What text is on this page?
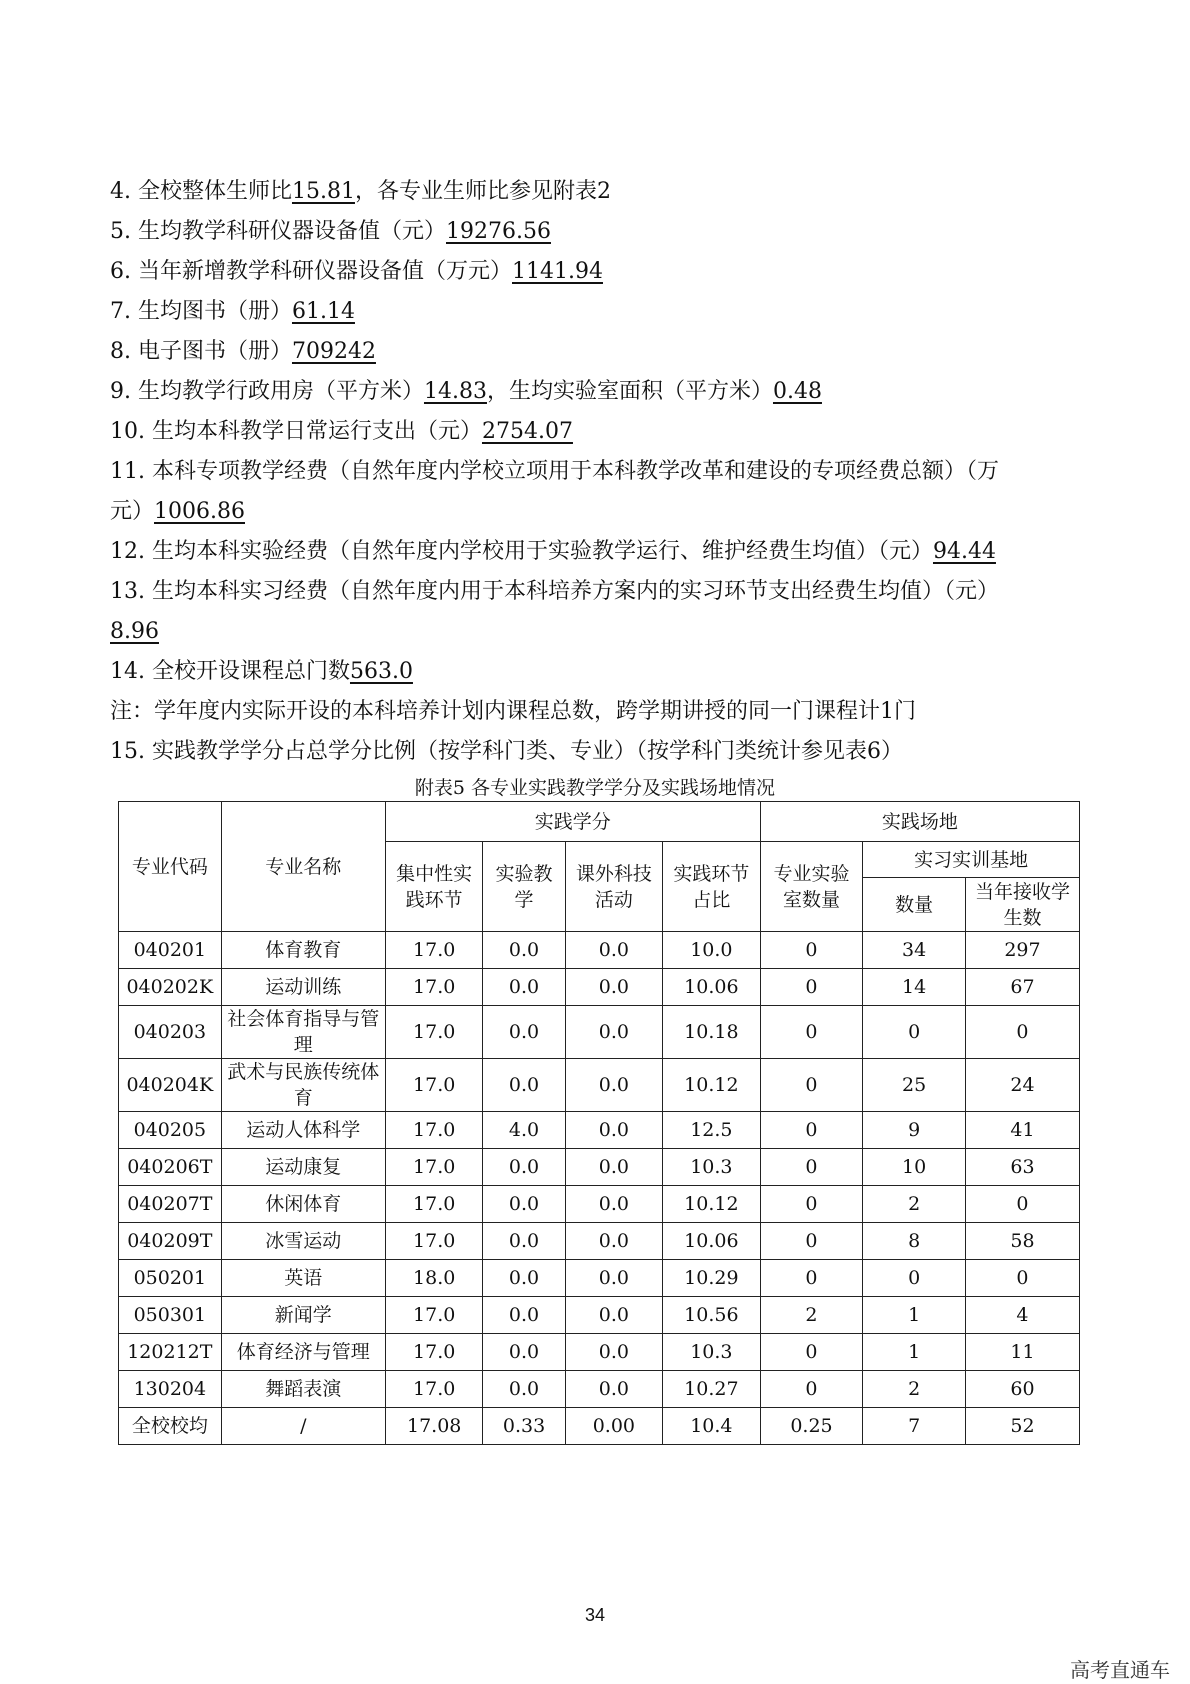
4. 全校整体生师比15.81，各专业生师比参见附表2
5. 生均教学科研仪器设备值（元）19276.56
6. 当年新增教学科研仪器设备值（万元）1141.94
7. 生均图书（册）61.14
8. 电子图书（册）709242
9. 生均教学行政用房（平方米）14.83，生均实验室面积（平方米）0.48
10. 生均本科教学日常运行支出（元）2754.07
11. 本科专项教学经费（自然年度内学校立项用于本科教学改革和建设的专项经费总额）（万
元）1006.86
12. 生均本科实验经费（自然年度内学校用于实验教学运行、维护经费生均值）（元）94.44
13. 生均本科实习经费（自然年度内用于本科培养方案内的实习环节支出经费生均值）（元）
8.96
14. 全校开设课程总门数563.0
注：学年度内实际开设的本科培养计划内课程总数，跨学期讲授的同一门课程计1门
15. 实践教学学分占总学分比例（按学科门类、专业）（按学科门类统计参见表6）
附表5 各专业实践教学学分及实践场地情况
专业代码	专业名称	实践学分				实践场地		
		集中性实践环节	实验教学	课外科技活动	实践环节占比	专业实验室数量	实习实训基地	
							数量	当年接收学生数
040201	体育教育	17.0	0.0	0.0	10.0	0	34	297
040202K	运动训练	17.0	0.0	0.0	10.06	0	14	67
040203	社会体育指导与管理	17.0	0.0	0.0	10.18	0	0	0
040204K	武术与民族传统体育	17.0	0.0	0.0	10.12	0	25	24
040205	运动人体科学	17.0	4.0	0.0	12.5	0	9	41
040206T	运动康复	17.0	0.0	0.0	10.3	0	10	63
040207T	休闲体育	17.0	0.0	0.0	10.12	0	2	0
040209T	冰雪运动	17.0	0.0	0.0	10.06	0	8	58
050201	英语	18.0	0.0	0.0	10.29	0	0	0
050301	新闻学	17.0	0.0	0.0	10.56	2	1	4
120212T	体育经济与管理	17.0	0.0	0.0	10.3	0	1	11
130204	舞蹈表演	17.0	0.0	0.0	10.27	0	2	60
全校校均	/	17.08	0.33	0.00	10.4	0.25	7	52
34
高考直通车
